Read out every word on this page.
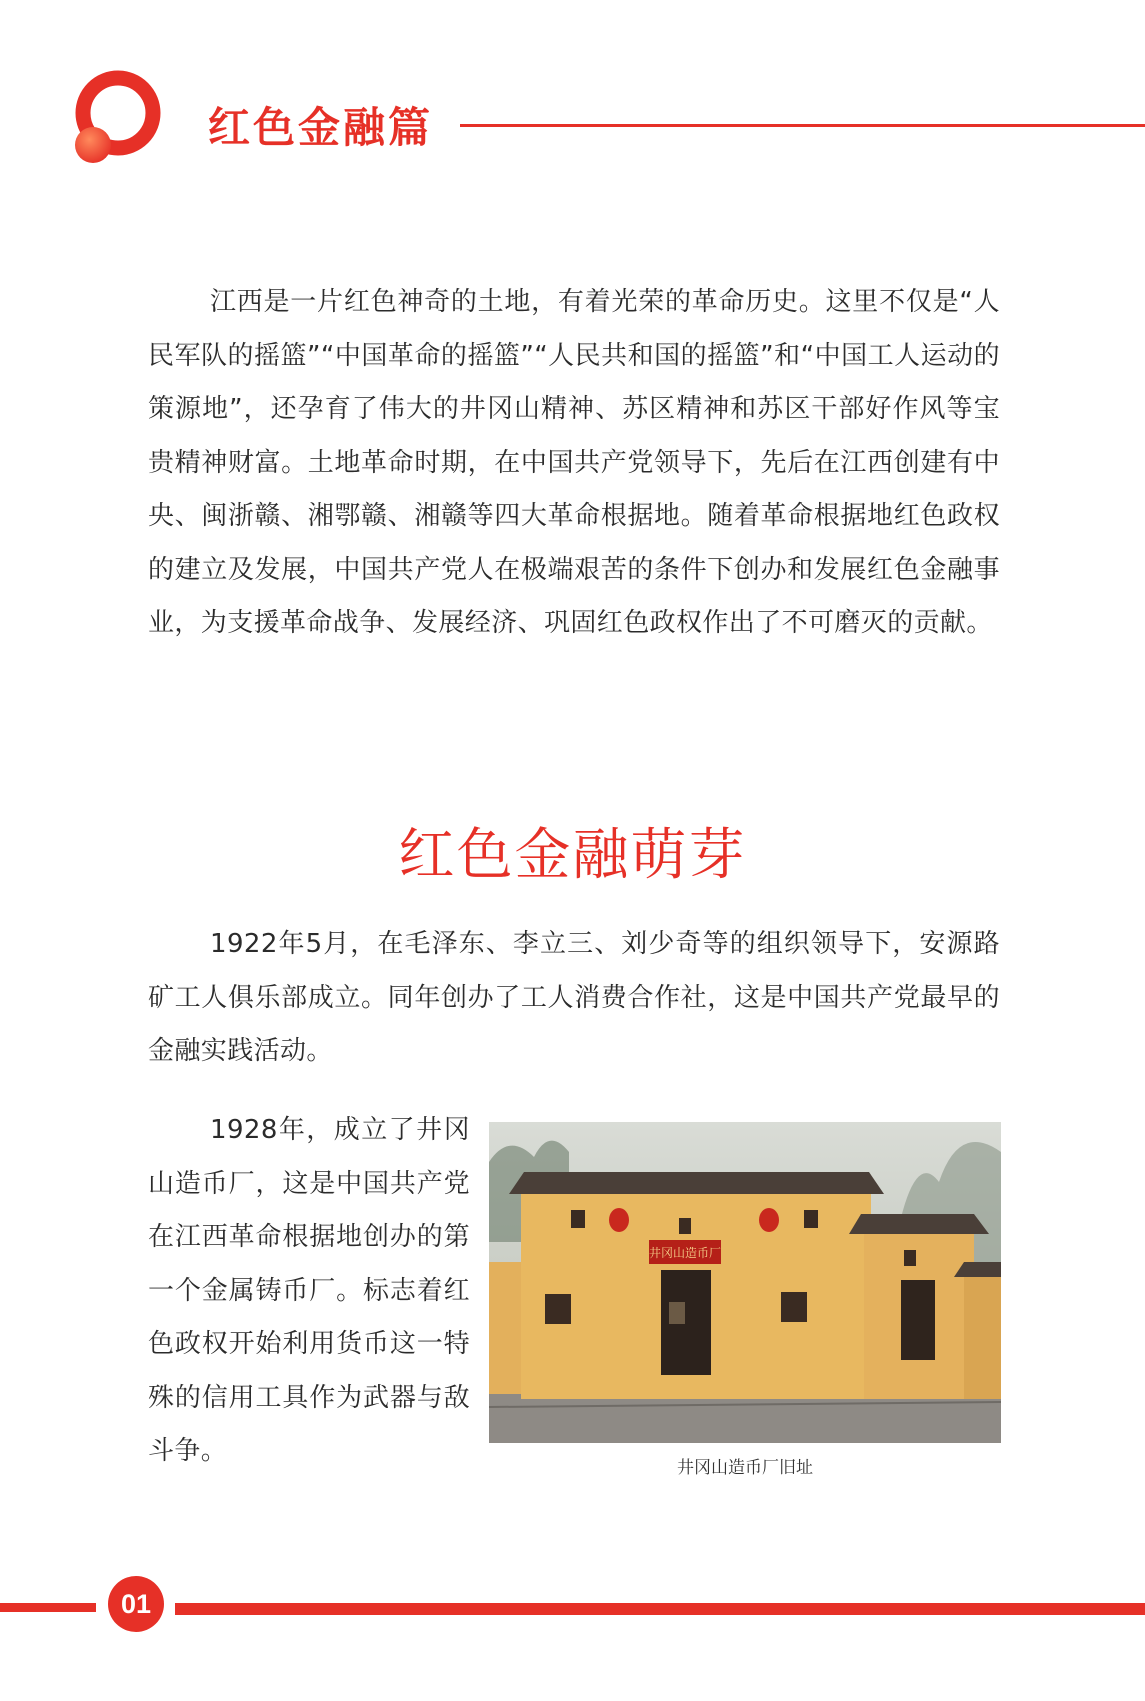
红色金融篇

江西是一片红色神奇的土地，有着光荣的革命历史。这里不仅是“人民军队的摇篮”“中国革命的摇篮”“人民共和国的摇篮”和“中国工人运动的策源地”，还孕育了伟大的井冈山精神、苏区精神和苏区干部好作风等宝贵精神财富。土地革命时期，在中国共产党领导下，先后在江西创建有中央、闽浙赣、湘鄂赣、湘赣等四大革命根据地。随着革命根据地红色政权的建立及发展，中国共产党人在极端艰苦的条件下创办和发展红色金融事业，为支援革命战争、发展经济、巩固红色政权作出了不可磨灭的贡献。

红色金融萌芽

1922年5月，在毛泽东、李立三、刘少奇等的组织领导下，安源路矿工人俱乐部成立。同年创办了工人消费合作社，这是中国共产党最早的金融实践活动。

1928年，成立了井冈山造币厂，这是中国共产党在江西革命根据地创办的第一个金属铸币厂。标志着红色政权开始利用货币这一特殊的信用工具作为武器与敌斗争。

井冈山造币厂
井冈山造币厂旧址
01
